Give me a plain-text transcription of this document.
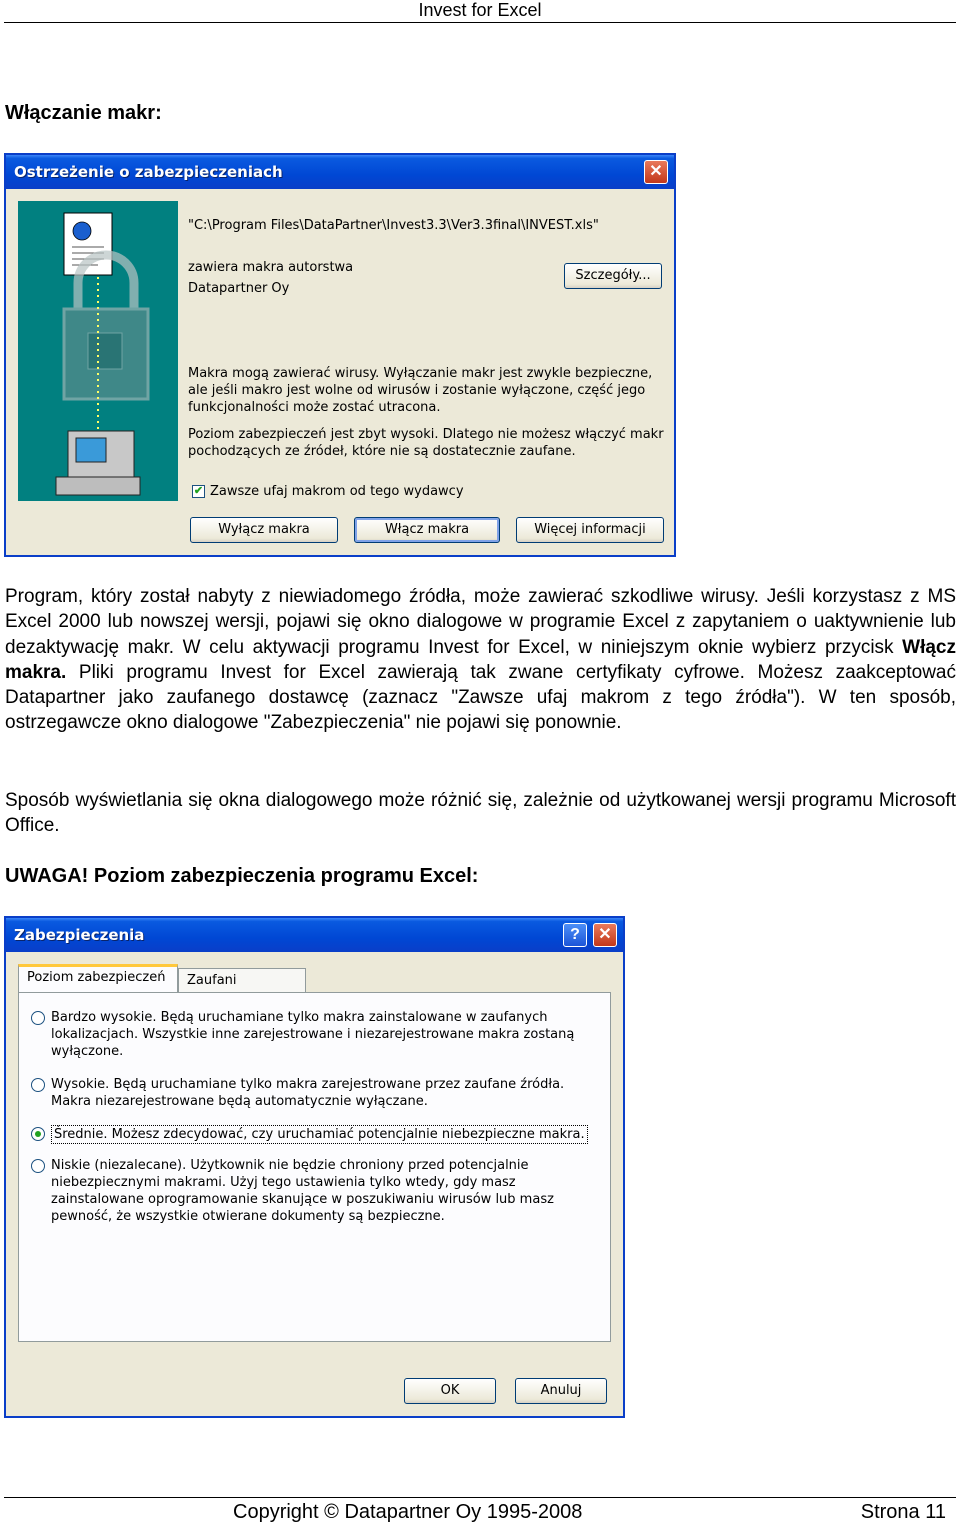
Invest for Excel
Włączanie makr:
Ostrzeżenie o zabezpieczeniach	✕
"C:\Program Files\DataPartner\Invest3.3\Ver3.3final\INVEST.xls"
zawiera makra autorstwa
Datapartner Oy
Szczegóły...
Makra mogą zawierać wirusy. Wyłączanie makr jest zwykle bezpieczne, ale jeśli makro jest wolne od wirusów i zostanie wyłączone, część jego funkcjonalności może zostać utracona.
Poziom zabezpieczeń jest zbyt wysoki. Dlatego nie możesz włączyć makr pochodzących ze źródeł, które nie są dostatecznie zaufane.
✔ Zawsze ufaj makrom od tego wydawcy
Wyłącz makra	Włącz makra	Więcej informacji

Program, który został nabyty z niewiadomego źródła, może zawierać szkodliwe wirusy. Jeśli korzystasz z MS Excel 2000 lub nowszej wersji, pojawi się okno dialogowe w programie Excel z zapytaniem o uaktywnienie lub dezaktywację makr. W celu aktywacji programu Invest for Excel, w niniejszym oknie wybierz przycisk Włącz makra. Pliki programu Invest for Excel zawierają tak zwane certyfikaty cyfrowe. Możesz zaakceptować Datapartner jako zaufanego dostawcę (zaznacz "Zawsze ufaj makrom z tego źródła"). W ten sposób, ostrzegawcze okno dialogowe "Zabezpieczenia" nie pojawi się ponownie.

Sposób wyświetlania się okna dialogowego może różnić się, zależnie od użytkowanej wersji programu Microsoft Office.

UWAGA! Poziom zabezpieczenia programu Excel:
Zabezpieczenia	?	✕
Poziom zabezpieczeń	Zaufani
Bardzo wysokie. Będą uruchamiane tylko makra zainstalowane w zaufanych lokalizacjach. Wszystkie inne zarejestrowane i niezarejestrowane makra zostaną wyłączone.
Wysokie. Będą uruchamiane tylko makra zarejestrowane przez zaufane źródła. Makra niezarejestrowane będą automatycznie wyłączane.
Średnie. Możesz zdecydować, czy uruchamiać potencjalnie niebezpieczne makra.
Niskie (niezalecane). Użytkownik nie będzie chroniony przed potencjalnie niebezpiecznymi makrami. Użyj tego ustawienia tylko wtedy, gdy masz zainstalowane oprogramowanie skanujące w poszukiwaniu wirusów lub masz pewność, że wszystkie otwierane dokumenty są bezpieczne.
OK	Anuluj
Copyright © Datapartner Oy 1995-2008	Strona 11
